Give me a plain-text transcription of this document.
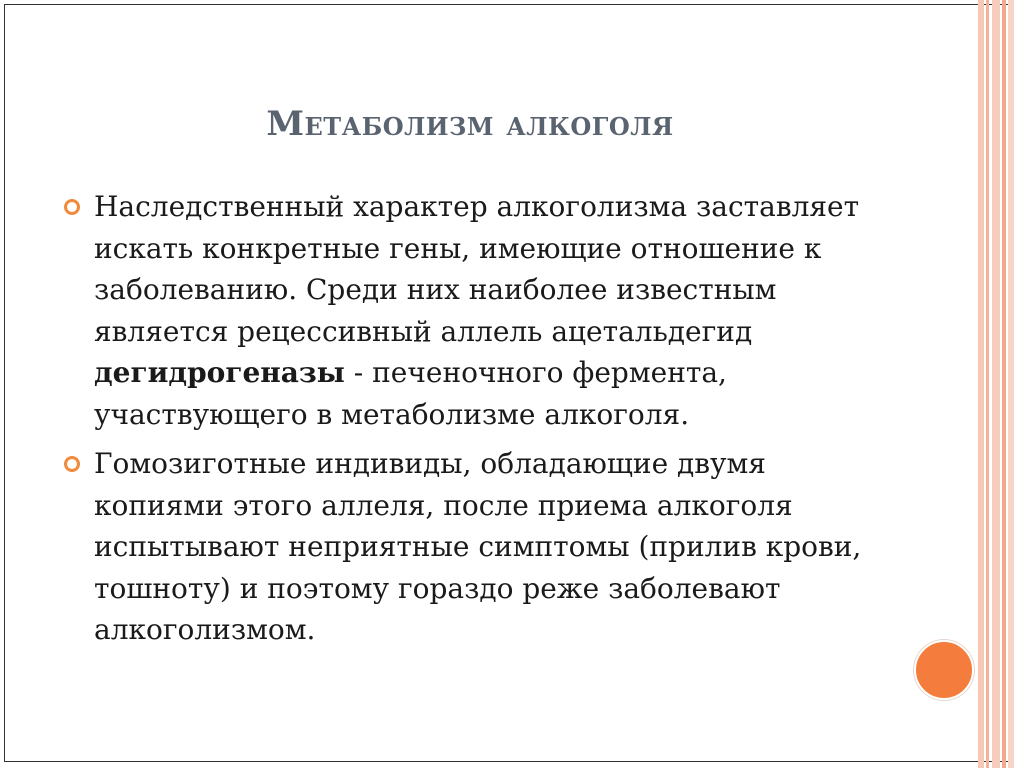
Метаболизм алкоголя
Наследственный характер алкоголизма заставляет искать конкретные гены, имеющие отношение к заболеванию. Среди них наиболее известным является рецессивный аллель ацетальдегид дегидрогеназы - печеночного фермента, участвующего в метаболизме алкоголя.
Гомозиготные индивиды, обладающие двумя копиями этого аллеля, после приема алкоголя испытывают неприятные симптомы (прилив крови, тошноту) и поэтому гораздо реже заболевают алкоголизмом.
